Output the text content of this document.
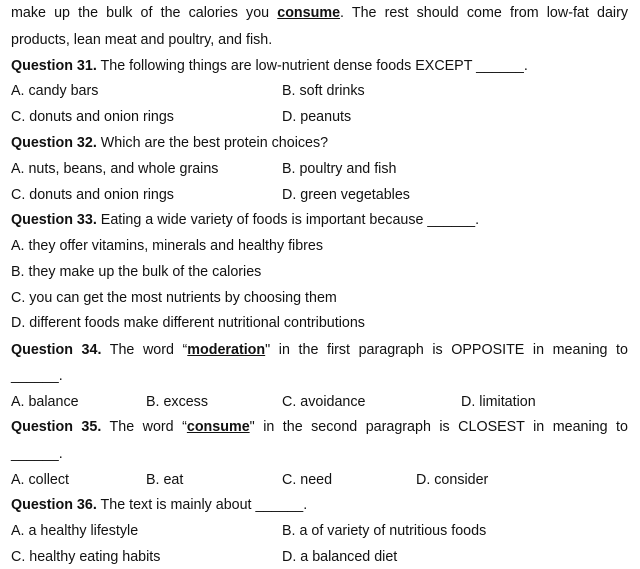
make up the bulk of the calories you consume. The rest should come from low-fat dairy
products, lean meat and poultry, and fish.
Question 31. The following things are low-nutrient dense foods EXCEPT ______.
A. candy bars	B. soft drinks
C. donuts and onion rings	D. peanuts
Question 32. Which are the best protein choices?
A. nuts, beans, and whole grains	B. poultry and fish
C. donuts and onion rings	D. green vegetables
Question 33. Eating a wide variety of foods is important because ______.
A. they offer vitamins, minerals and healthy fibres
B. they make up the bulk of the calories
C. you can get the most nutrients by choosing them
D. different foods make different nutritional contributions
Question 34. The word “moderation" in the first paragraph is OPPOSITE in meaning to
______.
A. balance	B. excess	C. avoidance	D. limitation
Question 35. The word “consume" in the second paragraph is CLOSEST in meaning to
______.
A. collect	B. eat	C. need	D. consider
Question 36. The text is mainly about ______.
A. a healthy lifestyle	B. a of variety of nutritious foods
C. healthy eating habits	D. a balanced diet
